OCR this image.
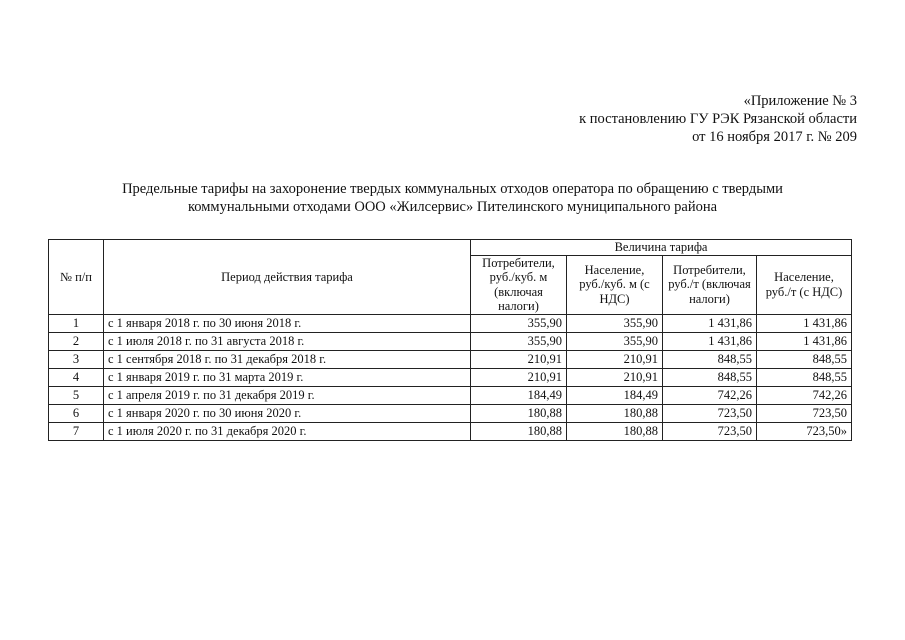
«Приложение № 3
к постановлению ГУ РЭК Рязанской области
от 16 ноября 2017 г. № 209
Предельные тарифы на захоронение твердых коммунальных отходов оператора по обращению с твердыми
коммунальными отходами ООО «Жилсервис» Пителинского муниципального района
№ п/п	Период действия тарифа	Величина тарифа			
		Потребители, руб./куб. м (включая налоги)	Население, руб./куб. м (с НДС)	Потребители, руб./т (включая налоги)	Население, руб./т (с НДС)
1	с 1 января 2018 г. по 30 июня 2018 г.	355,90	355,90	1 431,86	1 431,86
2	с 1 июля 2018 г. по 31 августа 2018 г.	355,90	355,90	1 431,86	1 431,86
3	с 1 сентября 2018 г. по 31 декабря 2018 г.	210,91	210,91	848,55	848,55
4	с 1 января 2019 г. по 31 марта 2019 г.	210,91	210,91	848,55	848,55
5	с 1 апреля 2019 г. по 31 декабря 2019 г.	184,49	184,49	742,26	742,26
6	с 1 января 2020 г. по 30 июня 2020 г.	180,88	180,88	723,50	723,50
7	с 1 июля 2020 г. по 31 декабря 2020 г.	180,88	180,88	723,50	723,50»
